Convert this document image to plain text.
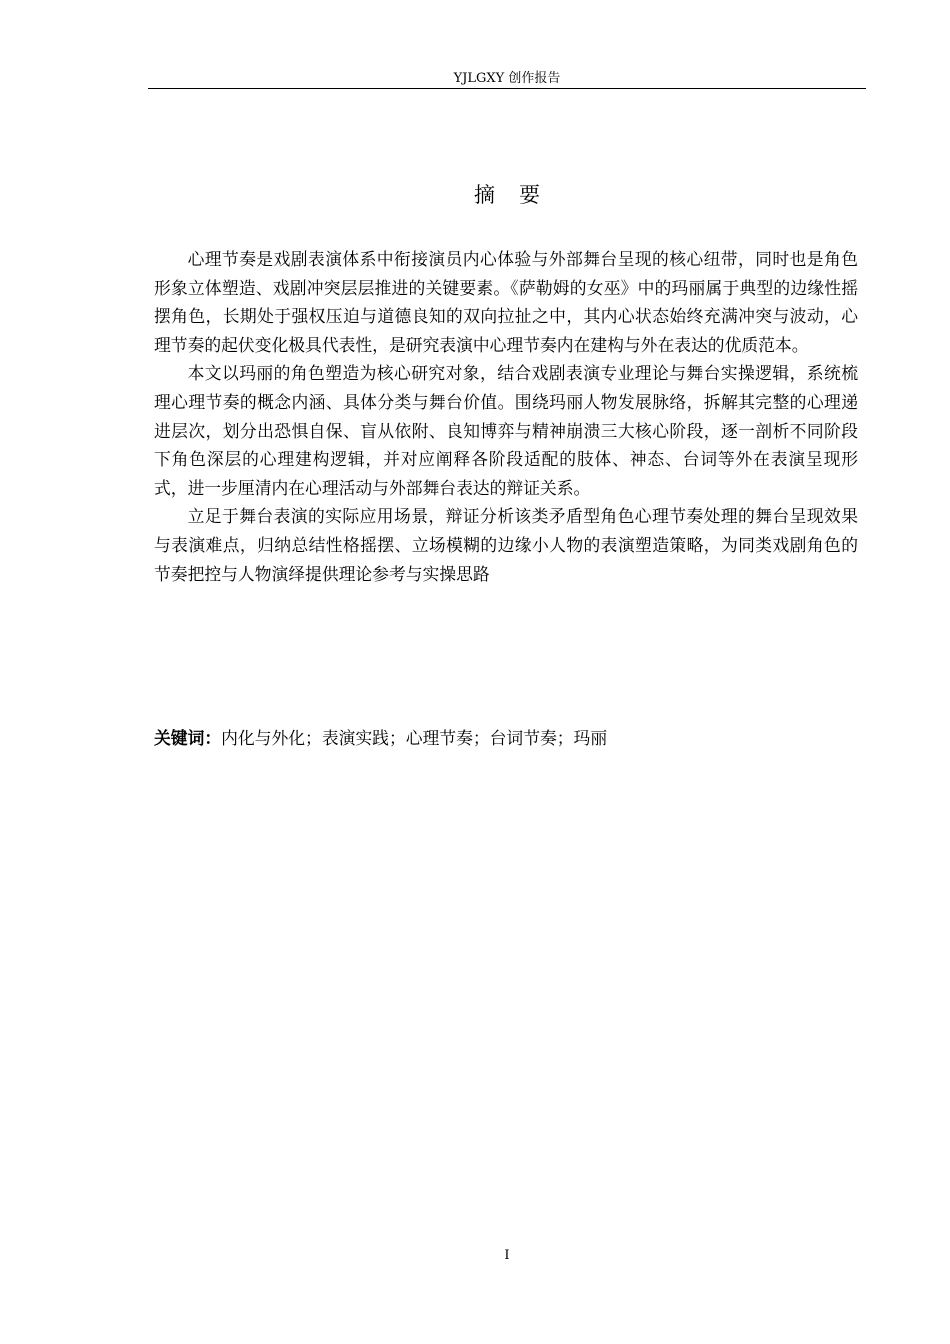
YJLGXY 创作报告
摘要

心理节奏是戏剧表演体系中衔接演员内心体验与外部舞台呈现的核心纽带，同时也是角色形象立体塑造、戏剧冲突层层推进的关键要素。《萨勒姆的女巫》中的玛丽属于典型的边缘性摇摆角色，长期处于强权压迫与道德良知的双向拉扯之中，其内心状态始终充满冲突与波动，心理节奏的起伏变化极具代表性，是研究表演中心理节奏内在建构与外在表达的优质范本。

本文以玛丽的角色塑造为核心研究对象，结合戏剧表演专业理论与舞台实操逻辑，系统梳理心理节奏的概念内涵、具体分类与舞台价值。围绕玛丽人物发展脉络，拆解其完整的心理递进层次，划分出恐惧自保、盲从依附、良知博弈与精神崩溃三大核心阶段，逐一剖析不同阶段下角色深层的心理建构逻辑，并对应阐释各阶段适配的肢体、神态、台词等外在表演呈现形式，进一步厘清内在心理活动与外部舞台表达的辩证关系。

立足于舞台表演的实际应用场景，辩证分析该类矛盾型角色心理节奏处理的舞台呈现效果与表演难点，归纳总结性格摇摆、立场模糊的边缘小人物的表演塑造策略，为同类戏剧角色的节奏把控与人物演绎提供理论参考与实操思路

关键词：内化与外化；表演实践；心理节奏；台词节奏；玛丽
I
